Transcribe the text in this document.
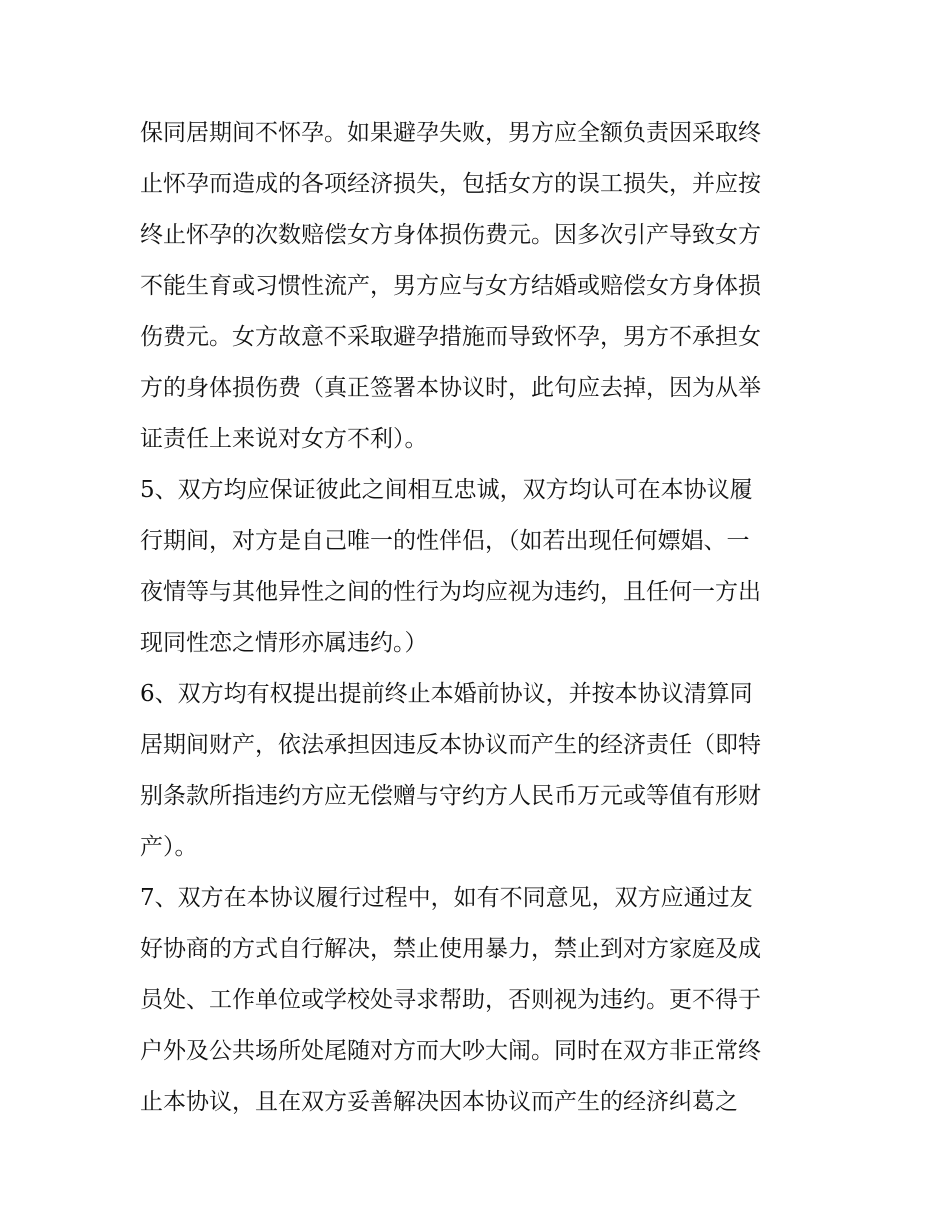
保同居期间不怀孕。如果避孕失败，男方应全额负责因采取终
止怀孕而造成的各项经济损失，包括女方的误工损失，并应按
终止怀孕的次数赔偿女方身体损伤费元。因多次引产导致女方
不能生育或习惯性流产，男方应与女方结婚或赔偿女方身体损
伤费元。女方故意不采取避孕措施而导致怀孕，男方不承担女
方的身体损伤费（真正签署本协议时，此句应去掉，因为从举
证责任上来说对女方不利）。
5、双方均应保证彼此之间相互忠诚，双方均认可在本协议履
行期间，对方是自己唯一的性伴侣，（如若出现任何嫖娼、一
夜情等与其他异性之间的性行为均应视为违约，且任何一方出
现同性恋之情形亦属违约。）
6、双方均有权提出提前终止本婚前协议，并按本协议清算同
居期间财产，依法承担因违反本协议而产生的经济责任（即特
别条款所指违约方应无偿赠与守约方人民币万元或等值有形财
产）。
7、双方在本协议履行过程中，如有不同意见，双方应通过友
好协商的方式自行解决，禁止使用暴力，禁止到对方家庭及成
员处、工作单位或学校处寻求帮助，否则视为违约。更不得于
户外及公共场所处尾随对方而大吵大闹。同时在双方非正常终
止本协议，且在双方妥善解决因本协议而产生的经济纠葛之
